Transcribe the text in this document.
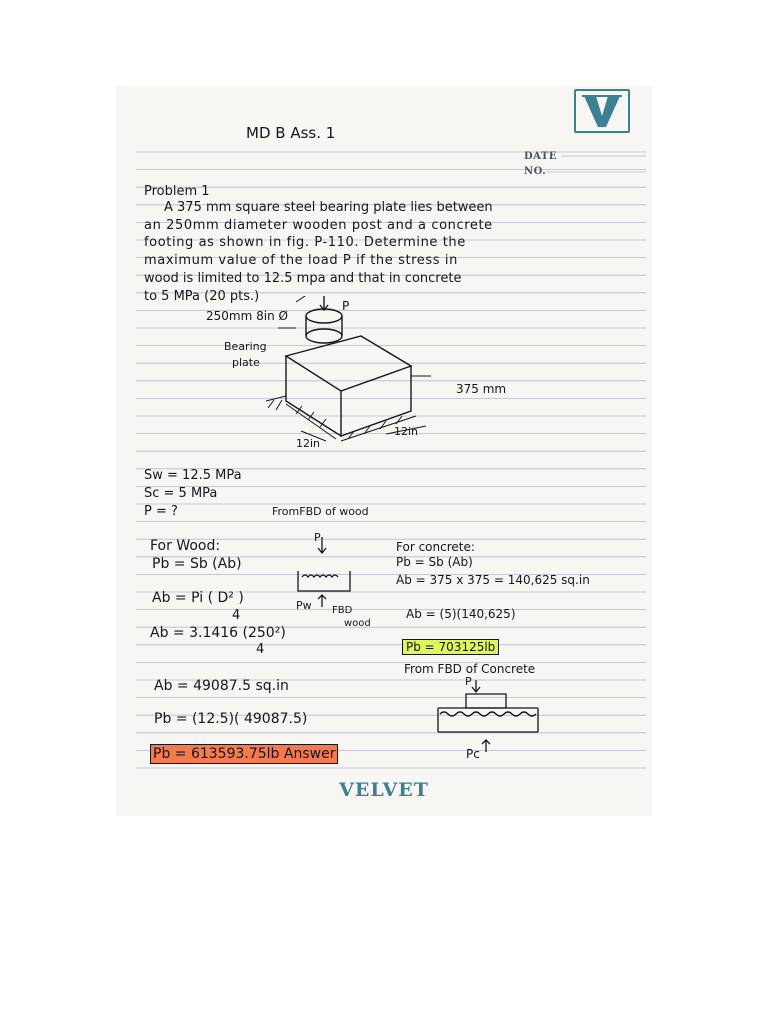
MD B Ass. 1
DATE
NO.
Problem 1
A 375 mm square steel bearing plate lies between
an 250mm diameter wooden post and a concrete
footing as shown in fig. P-110. Determine the
maximum value of the load P if the stress in
wood is limited to 12.5 mpa and that in concrete
to 5 MPa (20 pts.)
P
250mm 8in Ø
Bearing
plate
375 mm
12in
12in
Sw = 12.5 MPa
Sc = 5 MPa
P = ?	FromFBD of wood
For Wood:
Pb = Sb (Ab)
Ab = Pi ( D² )
4
Ab = 3.1416 (250²)
4
Ab = 49087.5 sq.in
Pb = (12.5)( 49087.5)
Pb = 613593.75lb Answer
P
Pw FBD
wood
For concrete:
Pb = Sb (Ab)
Ab = 375 x 375 = 140,625 sq.in
Ab = (5)(140,625)
Pb = 703125lb
From FBD of Concrete
P
Pc
VELVET
